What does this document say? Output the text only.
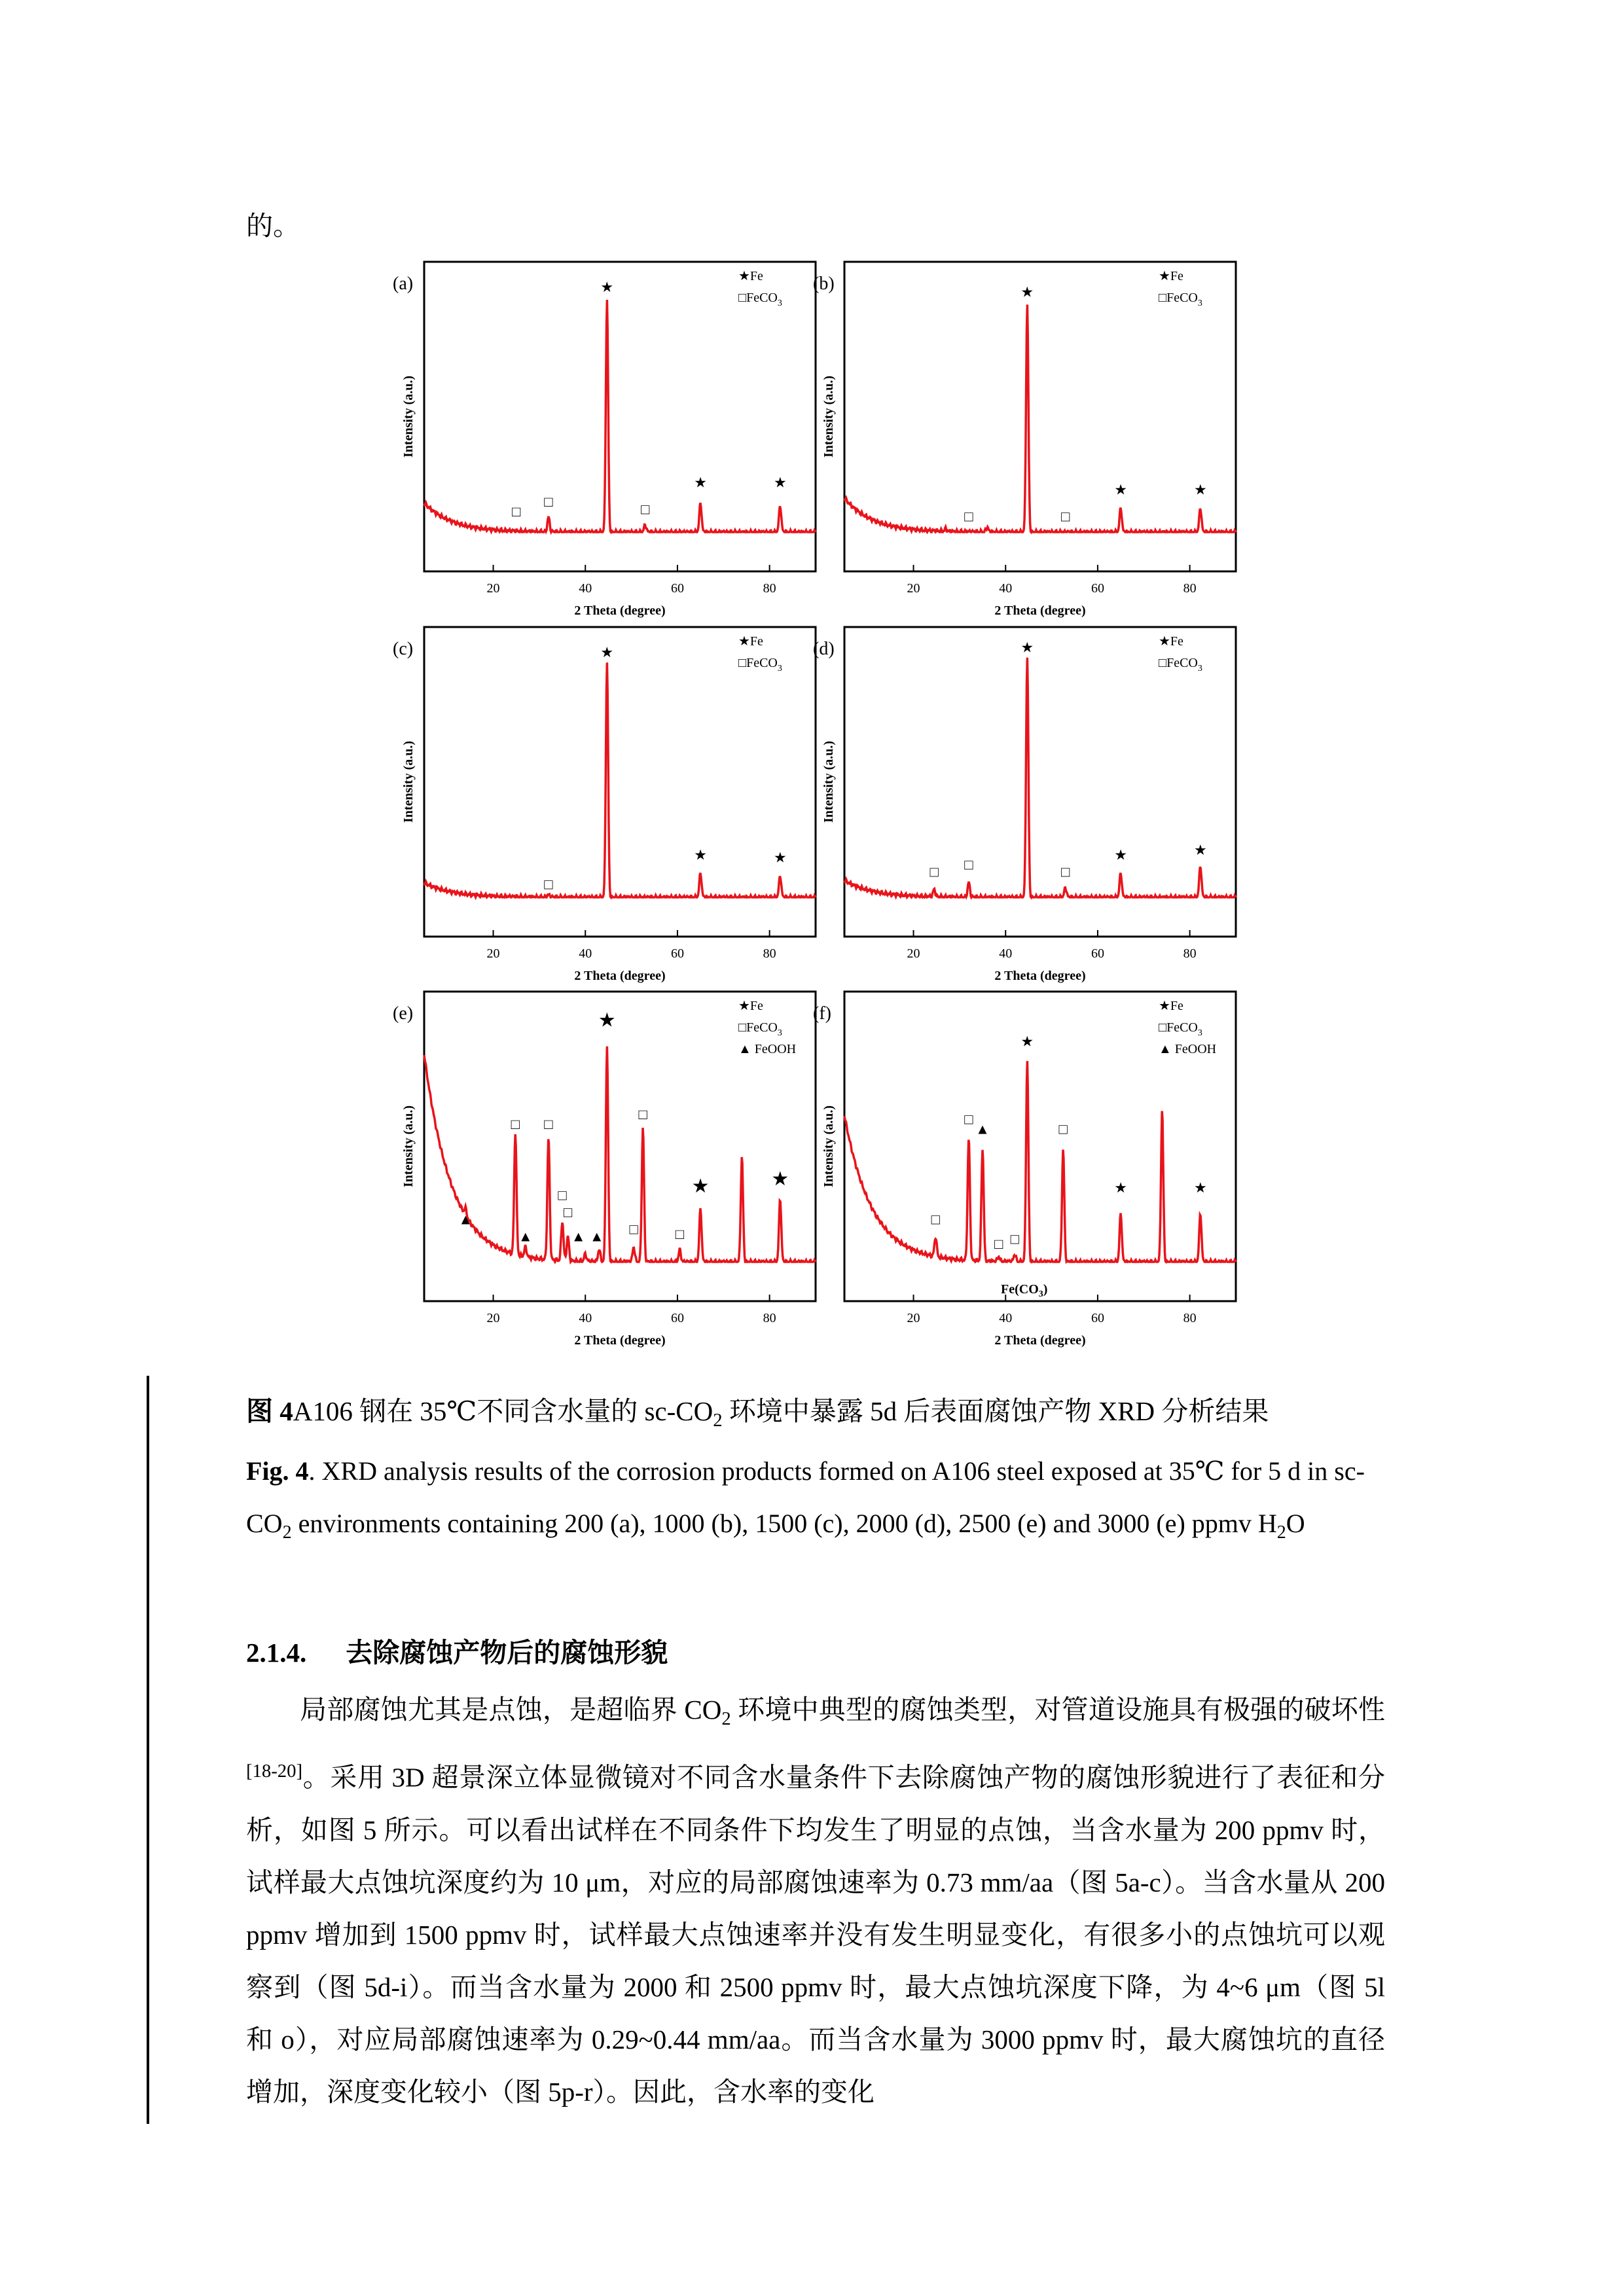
的。
20	40	60	80
2 Theta (degree)
Intensity (a.u.)
(a)	★Fe
□FeCO$_3$
□
□
★
□
★	★
20	40	60	80
2 Theta (degree)
Intensity (a.u.)
(b)	★Fe
□FeCO$_3$
□
★
□
★	★
20	40	60	80
2 Theta (degree)
Intensity (a.u.)
(c)	★Fe
□FeCO$_3$
□
★
★	★
20	40	60	80
2 Theta (degree)
Intensity (a.u.)
(d)	★Fe
□FeCO$_3$
□ □
★
□
★	★
20	40	60	80
2 Theta (degree)
Intensity (a.u.)
(e)	★Fe
□FeCO$_3$
▲ FeOOH
▲
□
▲
□
□
□
▲ ▲
★
□
□
□
★	★
20	40	60	80
2 Theta (degree)
Intensity (a.u.)
(f)	★Fe
□FeCO$_3$
▲ FeOOH
□
□
▲
□ □
★
□
★	★
$Fe(CO_3)$
图 4A106 钢在 35℃不同含水量的 $sc-CO_2$ 环境中暴露 5d 后表面腐蚀产物 XRD 分析结果
Fig. 4. XRD analysis results of the corrosion products formed on A106 steel exposed at 35℃ for 5 d in $sc-CO_2$ environments containing 200 (a), 1000 (b), 1500 (c), 2000 (d), 2500 (e) and 3000 (e) ppmv $H_2O$
2.1.4. 去除腐蚀产物后的腐蚀形貌

局部腐蚀尤其是点蚀，是超临界 $CO_2$ 环境中典型的腐蚀类型，对管道设施具有极强的破坏性[18-20]。采用 3D 超景深立体显微镜对不同含水量条件下去除腐蚀产物的腐蚀形貌进行了表征和分析，如图 5 所示。可以看出试样在不同条件下均发生了明显的点蚀，当含水量为 200 ppmv 时，试样最大点蚀坑深度约为 10 μm，对应的局部腐蚀速率为 0.73 mm/aa（图 5a-c）。当含水量从 200 ppmv 增加到 1500 ppmv 时，试样最大点蚀速率并没有发生明显变化，有很多小的点蚀坑可以观察到（图 5d-i）。而当含水量为 2000 和 2500 ppmv 时，最大点蚀坑深度下降，为 4~6 μm（图 5l 和 o），对应局部腐蚀速率为 0.29~0.44 mm/aa。而当含水量为 3000 ppmv 时，最大腐蚀坑的直径增加，深度变化较小（图 5p-r）。因此，含水率的变化
